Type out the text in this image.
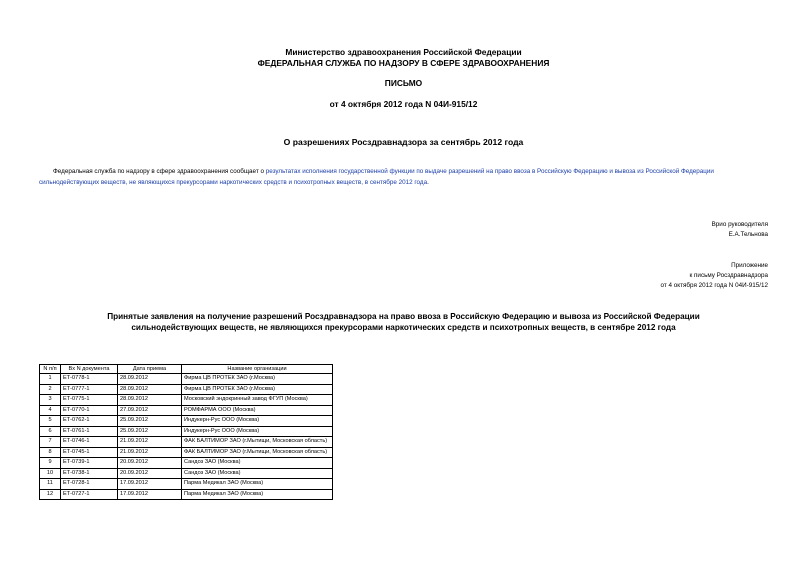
Министерство здравоохранения Российской Федерации
ФЕДЕРАЛЬНАЯ СЛУЖБА ПО НАДЗОРУ В СФЕРЕ ЗДРАВООХРАНЕНИЯ
ПИСЬМО
от 4 октября 2012 года N 04И-915/12
О разрешениях Росздравнадзора за сентябрь 2012 года
Федеральная служба по надзору в сфере здравоохранения сообщает о результатах исполнения государственной функции по выдаче разрешений на право ввоза в Российскую Федерацию и вывоза из Российской Федерации сильнодействующих веществ, не являющихся прекурсорами наркотических средств и психотропных веществ, в сентябре 2012 года.
Врио руководителя
Е.А.Тельнова
Приложение
к письму Росздравнадзора
от 4 октября 2012 года N 04И-915/12
Принятые заявления на получение разрешений Росздравнадзора на право ввоза в Российскую Федерацию и вывоза из Российской Федерации сильнодействующих веществ, не являющихся прекурсорами наркотических средств и психотропных веществ, в сентябре 2012 года
N п/п	Вх N документа	Дата приема	Название организации
1	ЕТ-0778-1	28.09.2012	Фирма ЦВ ПРОТЕК ЗАО (г.Москва)
2	ЕТ-0777-1	28.09.2012	Фирма ЦВ ПРОТЕК ЗАО (г.Москва)
3	ЕТ-0775-1	28.09.2012	Московский эндокринный завод ФГУП (Москва)
4	ЕТ-0770-1	27.09.2012	РОМФАРМА ООО (Москва)
5	ЕТ-0762-1	25.09.2012	Индукерн-Рус ООО (Москва)
6	ЕТ-0761-1	25.09.2012	Индукерн-Рус ООО (Москва)
7	ЕТ-0746-1	21.09.2012	ФАК БАЛТИМОР ЗАО (г.Мытищи, Московская область)
8	ЕТ-0745-1	21.09.2012	ФАК БАЛТИМОР ЗАО (г.Мытищи, Московская область)
9	ЕТ-0739-1	20.09.2012	Сандоз ЗАО (Москва)
10	ЕТ-0738-1	20.09.2012	Сандоз ЗАО (Москва)
11	ЕТ-0728-1	17.09.2012	Парма Медикал ЗАО (Москва)
12	ЕТ-0727-1	17.09.2012	Парма Медикал ЗАО (Москва)
